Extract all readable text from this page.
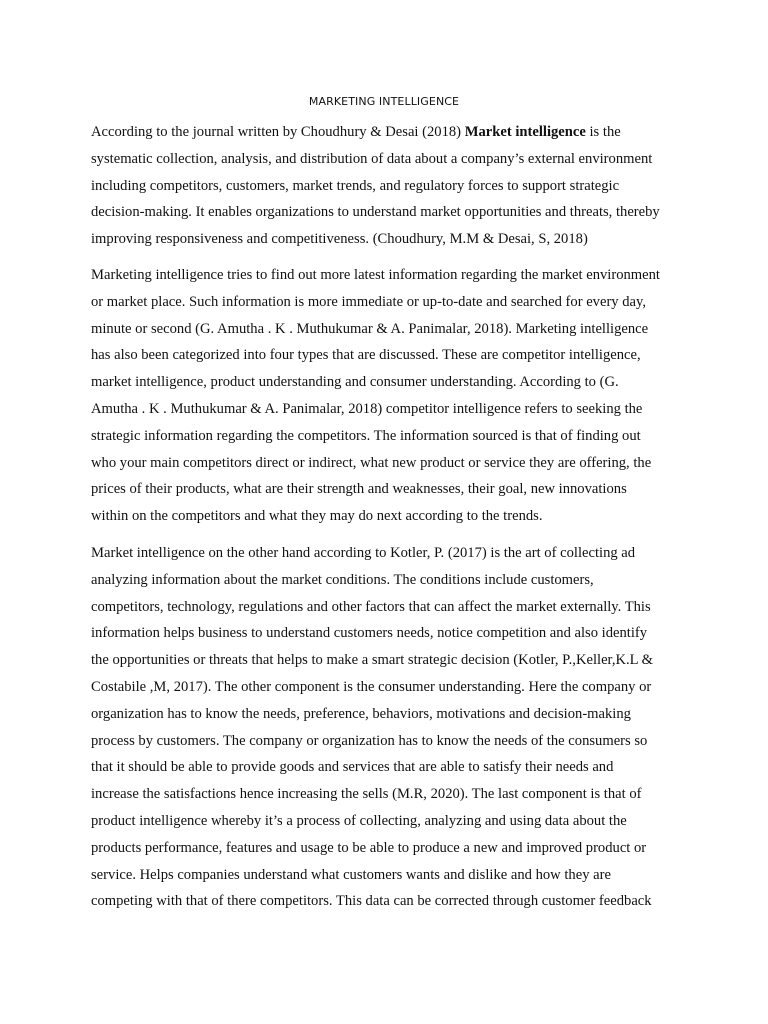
MARKETING INTELLIGENCE

According to the journal written by Choudhury & Desai (2018) Market intelligence is the
systematic collection, analysis, and distribution of data about a company’s external environment
including competitors, customers, market trends, and regulatory forces to support strategic
decision-making. It enables organizations to understand market opportunities and threats, thereby
improving responsiveness and competitiveness. (Choudhury, M.M & Desai, S, 2018)

Marketing intelligence tries to find out more latest information regarding the market environment
or market place. Such information is more immediate or up-to-date and searched for every day,
minute or second (G. Amutha . K . Muthukumar & A. Panimalar, 2018). Marketing intelligence
has also been categorized into four types that are discussed. These are competitor intelligence,
market intelligence, product understanding and consumer understanding. According to (G.
Amutha . K . Muthukumar & A. Panimalar, 2018) competitor intelligence refers to seeking the
strategic information regarding the competitors. The information sourced is that of finding out
who your main competitors direct or indirect, what new product or service they are offering, the
prices of their products, what are their strength and weaknesses, their goal, new innovations
within on the competitors and what they may do next according to the trends.

Market intelligence on the other hand according to Kotler, P. (2017) is the art of collecting ad
analyzing information about the market conditions. The conditions include customers,
competitors, technology, regulations and other factors that can affect the market externally. This
information helps business to understand customers needs, notice competition and also identify
the opportunities or threats that helps to make a smart strategic decision (Kotler, P.,Keller,K.L &
Costabile ,M, 2017). The other component is the consumer understanding. Here the company or
organization has to know the needs, preference, behaviors, motivations and decision-making
process by customers. The company or organization has to know the needs of the consumers so
that it should be able to provide goods and services that are able to satisfy their needs and
increase the satisfactions hence increasing the sells (M.R, 2020). The last component is that of
product intelligence whereby it’s a process of collecting, analyzing and using data about the
products performance, features and usage to be able to produce a new and improved product or
service. Helps companies understand what customers wants and dislike and how they are
competing with that of there competitors. This data can be corrected through customer feedback
